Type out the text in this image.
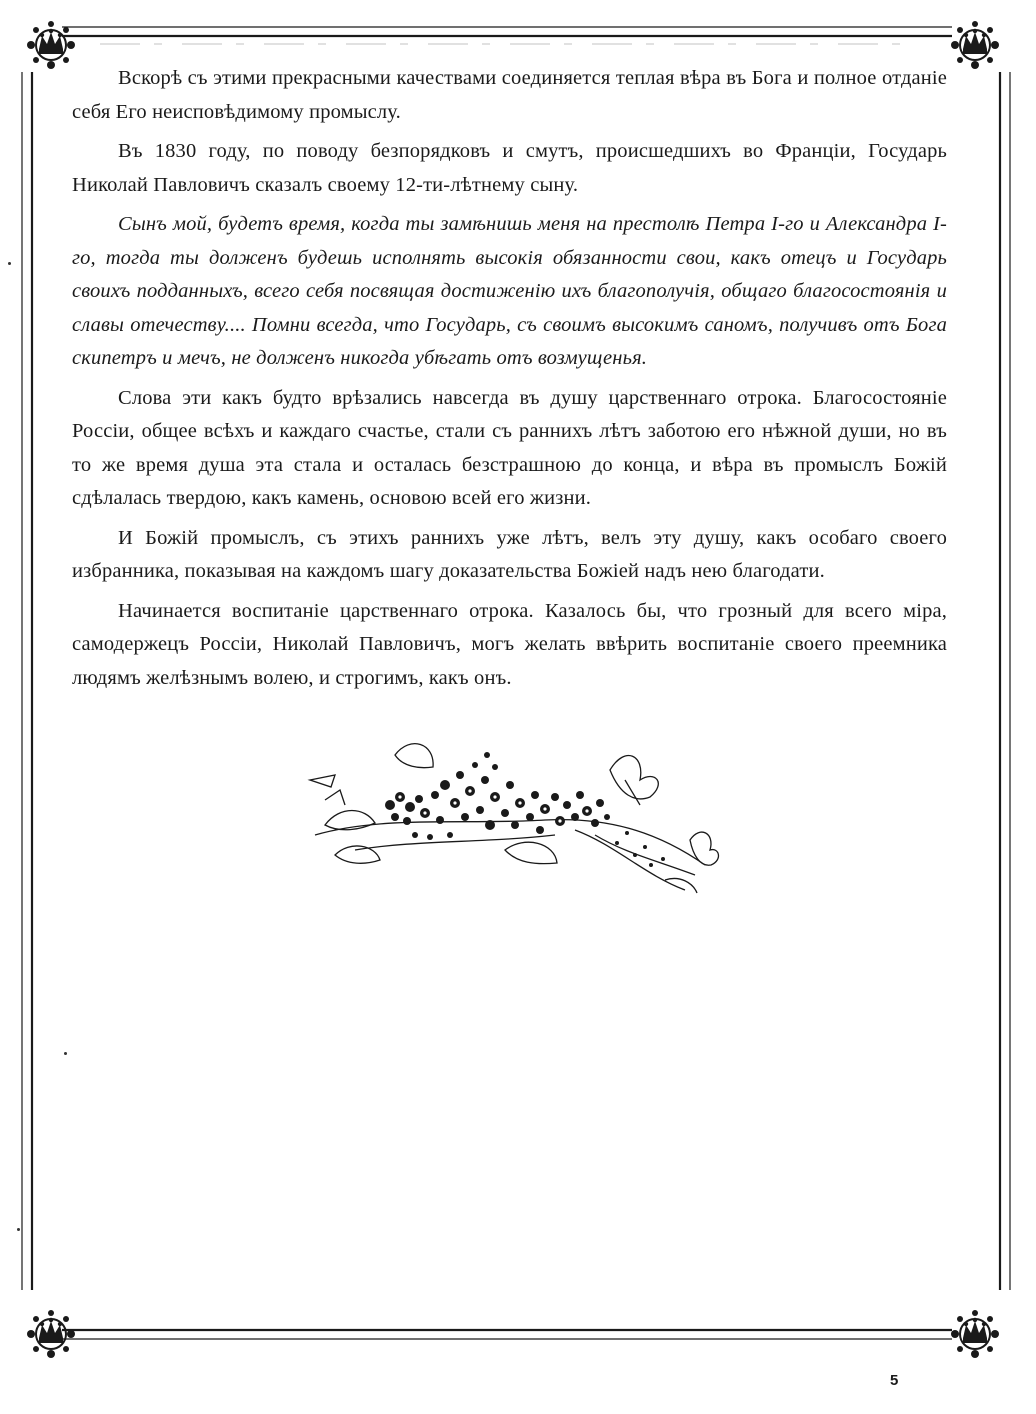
Вскорѣ съ этими прекрасными качествами соединяется теплая вѣра въ Бога и полное отданіе себя Его неисповѣдимому промыслу.

Въ 1830 году, по поводу безпорядковъ и смутъ, происшедшихъ во Франціи, Государь Николай Павловичъ сказалъ своему 12-ти-лѣтнему сыну.

Сынъ мой, будетъ время, когда ты замѣнишь меня на престолѣ Петра І-го и Александра І-го, тогда ты долженъ будешь исполнять высокія обязанности свои, какъ отецъ и Государь своихъ подданныхъ, всего себя посвящая достиженію ихъ благополучія, общаго благосостоянія и славы отечеству.... Помни всегда, что Государь, съ своимъ высокимъ саномъ, получивъ отъ Бога скипетръ и мечъ, не долженъ никогда убѣгать отъ возмущенья.

Слова эти какъ будто врѣзались навсегда въ душу царственнаго отрока. Благосостояніе Россіи, общее всѣхъ и каждаго счастье, стали съ раннихъ лѣтъ заботою его нѣжной души, но въ то же время душа эта стала и осталась безстрашною до конца, и вѣра въ промыслъ Божій сдѣлалась твердою, какъ камень, основою всей его жизни.

И Божій промыслъ, съ этихъ раннихъ уже лѣтъ, велъ эту душу, какъ особаго своего избранника, показывая на каждомъ шагу доказательства Божіей надъ нею благодати.

Начинается воспитаніе царственнаго отрока. Казалось бы, что грозный для всего міра, самодержецъ Россіи, Николай Павловичъ, могъ желать ввѣрить воспитаніе своего преемника людямъ желѣзнымъ волею, и строгимъ, какъ онъ.

5
